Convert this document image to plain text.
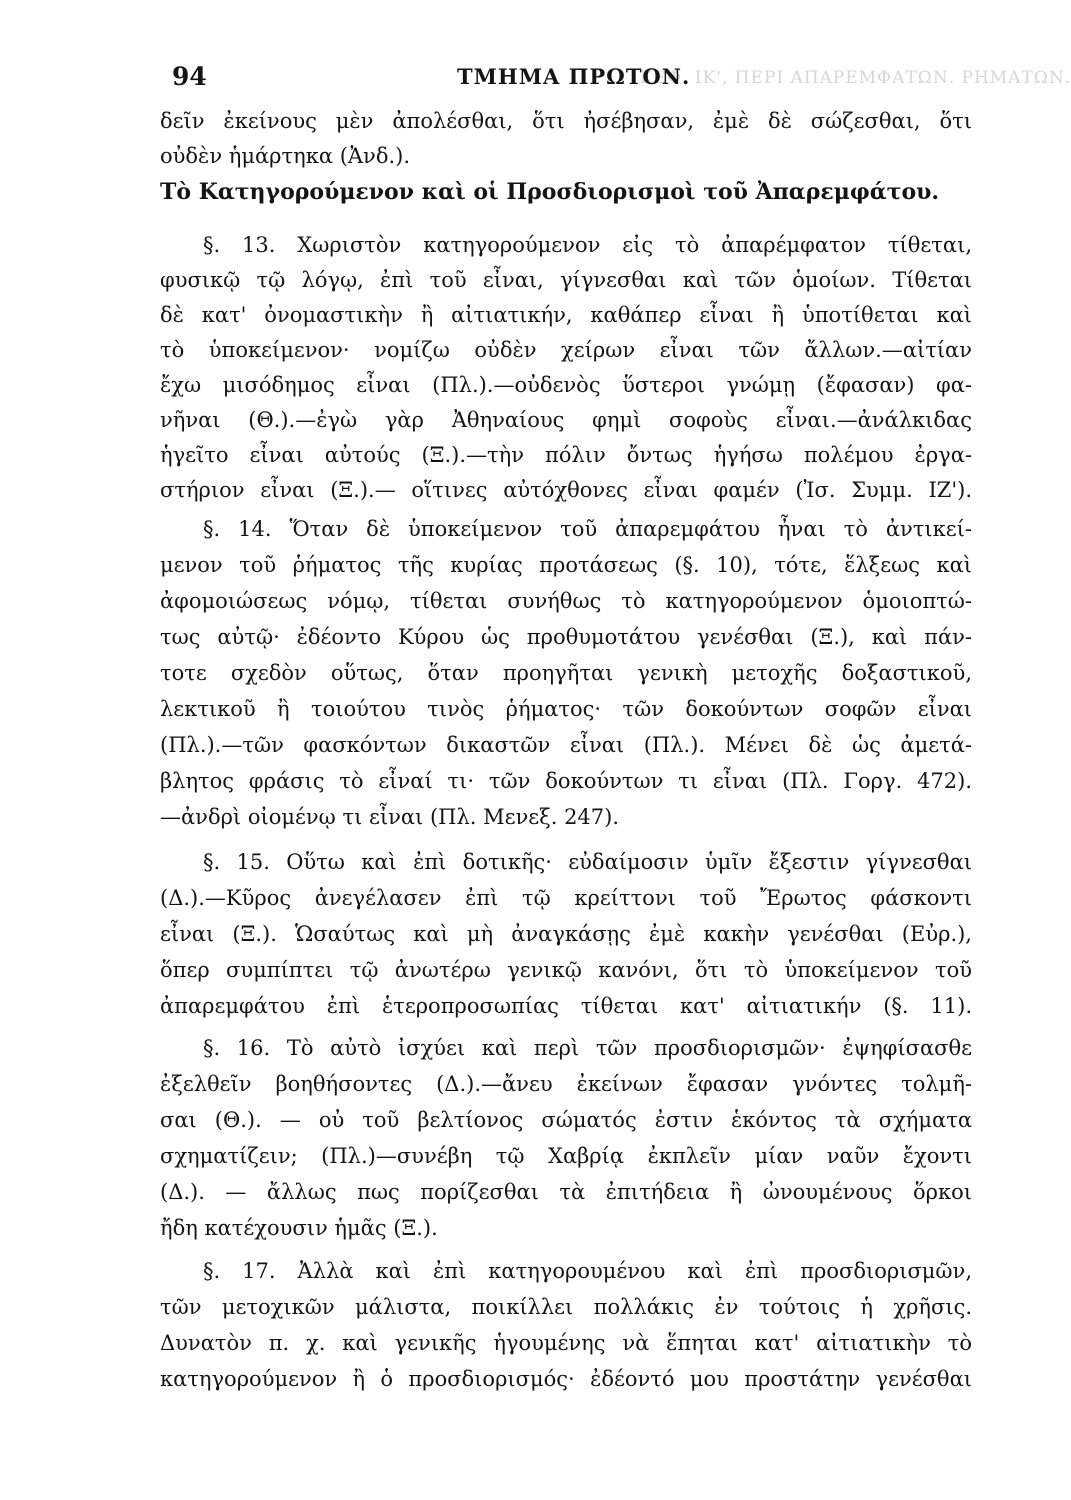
ΚΕΦ. ΙΚ', ΠΕΡΙ ΑΠΑΡΕΜΦΑΤΩΝ. ΡΗΜΑΤΩΝ.
94	ΤΜΗΜΑ ΠΡΩΤΟΝ.
δεῖν ἐκείνους μὲν ἀπολέσθαι, ὅτι ἠσέβησαν, ἐμὲ δὲ σώζεσθαι, ὅτι
οὐδὲν ἡμάρτηκα (Ἀνδ.).
Τὸ Κατηγορούμενον καὶ οἱ Προσδιορισμοὶ τοῦ Ἀπαρεμφάτου.
§. 13. Χωριστὸν κατηγορούμενον εἰς τὸ ἀπαρέμφατον τίθεται,
φυσικῷ τῷ λόγῳ, ἐπὶ τοῦ εἶναι, γίγνεσθαι καὶ τῶν ὁμοίων. Τίθεται
δὲ κατ' ὀνομαστικὴν ἢ αἰτιατικήν, καθάπερ εἶναι ἢ ὑποτίθεται καὶ
τὸ ὑποκείμενον· νομίζω οὐδὲν χείρων εἶναι τῶν ἄλλων.—αἰτίαν
ἔχω μισόδημος εἶναι (Πλ.).—οὐδενὸς ὕστεροι γνώμῃ (ἔφασαν) φα-
νῆναι (Θ.).—ἐγὼ γὰρ Ἀθηναίους φημὶ σοφοὺς εἶναι.—ἀνάλκιδας
ἡγεῖτο εἶναι αὐτούς (Ξ.).—τὴν πόλιν ὄντως ἡγήσω πολέμου ἐργα-
στήριον εἶναι (Ξ.).— οἵτινες αὐτόχθονες εἶναι φαμέν (Ἰσ. Συμμ. ΙΖ').
§. 14. Ὅταν δὲ ὑποκείμενον τοῦ ἀπαρεμφάτου ἦναι τὸ ἀντικεί-
μενον τοῦ ῥήματος τῆς κυρίας προτάσεως (§. 10), τότε, ἕλξεως καὶ
ἀφομοιώσεως νόμῳ, τίθεται συνήθως τὸ κατηγορούμενον ὁμοιοπτώ-
τως αὐτῷ· ἐδέοντο Κύρου ὡς προθυμοτάτου γενέσθαι (Ξ.), καὶ πάν-
τοτε σχεδὸν οὕτως, ὅταν προηγῆται γενικὴ μετοχῆς δοξαστικοῦ,
λεκτικοῦ ἢ τοιούτου τινὸς ῥήματος· τῶν δοκούντων σοφῶν εἶναι
(Πλ.).—τῶν φασκόντων δικαστῶν εἶναι (Πλ.). Μένει δὲ ὡς ἀμετά-
βλητος φράσις τὸ εἶναί τι· τῶν δοκούντων τι εἶναι (Πλ. Γοργ. 472).
—ἀνδρὶ οἰομένῳ τι εἶναι (Πλ. Μενεξ. 247).
§. 15. Οὕτω καὶ ἐπὶ δοτικῆς· εὐδαίμοσιν ὑμῖν ἔξεστιν γίγνεσθαι
(Δ.).—Κῦρος ἀνεγέλασεν ἐπὶ τῷ κρείττονι τοῦ Ἔρωτος φάσκοντι
εἶναι (Ξ.). Ὡσαύτως καὶ μὴ ἀναγκάσῃς ἐμὲ κακὴν γενέσθαι (Εὐρ.),
ὅπερ συμπίπτει τῷ ἀνωτέρω γενικῷ κανόνι, ὅτι τὸ ὑποκείμενον τοῦ
ἀπαρεμφάτου ἐπὶ ἑτεροπροσωπίας τίθεται κατ' αἰτιατικήν (§. 11).
§. 16. Τὸ αὐτὸ ἰσχύει καὶ περὶ τῶν προσδιορισμῶν· ἐψηφίσασθε
ἐξελθεῖν βοηθήσοντες (Δ.).—ἄνευ ἐκείνων ἔφασαν γνόντες τολμῆ-
σαι (Θ.). — οὐ τοῦ βελτίονος σώματός ἐστιν ἑκόντος τὰ σχήματα
σχηματίζειν; (Πλ.)—συνέβη τῷ Χαβρίᾳ ἐκπλεῖν μίαν ναῦν ἔχοντι
(Δ.). — ἄλλως πως πορίζεσθαι τὰ ἐπιτήδεια ἢ ὠνουμένους ὅρκοι
ἤδη κατέχουσιν ἡμᾶς (Ξ.).
§. 17. Ἀλλὰ καὶ ἐπὶ κατηγορουμένου καὶ ἐπὶ προσδιορισμῶν,
τῶν μετοχικῶν μάλιστα, ποικίλλει πολλάκις ἐν τούτοις ἡ χρῆσις.
Δυνατὸν π. χ. καὶ γενικῆς ἡγουμένης νὰ ἕπηται κατ' αἰτιατικὴν τὸ
κατηγορούμενον ἢ ὁ προσδιορισμός· ἐδέοντό μου προστάτην γενέσθαι
